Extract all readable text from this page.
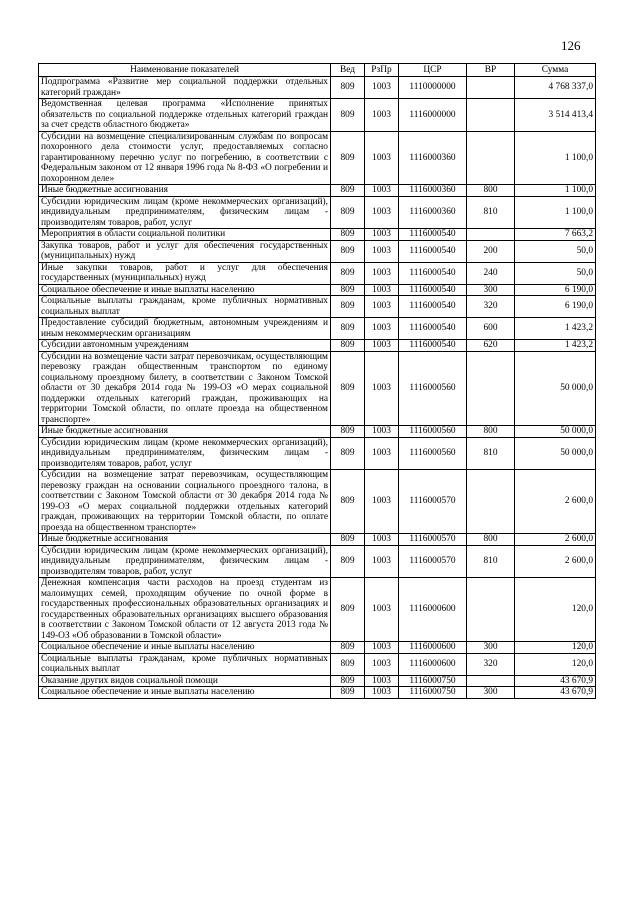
126
Наименование показателей	Вед	РзПр	ЦСР	ВР	Сумма
Подпрограмма «Развитие мер социальной поддержки отдельных категорий граждан»	809	1003	1110000000		4 768 337,0
Ведомственная целевая программа «Исполнение принятых обязательств по социальной поддержке отдельных категорий граждан за счет средств областного бюджета»	809	1003	1116000000		3 514 413,4
Субсидии на возмещение специализированным службам по вопросам похоронного дела стоимости услуг, предоставляемых согласно гарантированному перечню услуг по погребению, в соответствии с Федеральным законом от 12 января 1996 года № 8-ФЗ «О погребении и похоронном деле»	809	1003	1116000360		1 100,0
Иные бюджетные ассигнования	809	1003	1116000360	800	1 100,0
Субсидии юридическим лицам (кроме некоммерческих организаций), индивидуальным предпринимателям, физическим лицам - производителям товаров, работ, услуг	809	1003	1116000360	810	1 100,0
Мероприятия в области социальной политики	809	1003	1116000540		7 663,2
Закупка товаров, работ и услуг для обеспечения государственных (муниципальных) нужд	809	1003	1116000540	200	50,0
Иные закупки товаров, работ и услуг для обеспечения государственных (муниципальных) нужд	809	1003	1116000540	240	50,0
Социальное обеспечение и иные выплаты населению	809	1003	1116000540	300	6 190,0
Социальные выплаты гражданам, кроме публичных нормативных социальных выплат	809	1003	1116000540	320	6 190,0
Предоставление субсидий бюджетным, автономным учреждениям и иным некоммерческим организациям	809	1003	1116000540	600	1 423,2
Субсидии автономным учреждениям	809	1003	1116000540	620	1 423,2
Субсидии на возмещение части затрат перевозчикам, осуществляющим перевозку граждан общественным транспортом по единому социальному проездному билету, в соответствии с Законом Томской области от 30 декабря 2014 года № 199-ОЗ «О мерах социальной поддержки отдельных категорий граждан, проживающих на территории Томской области, по оплате проезда на общественном транспорте»	809	1003	1116000560		50 000,0
Иные бюджетные ассигнования	809	1003	1116000560	800	50 000,0
Субсидии юридическим лицам (кроме некоммерческих организаций), индивидуальным предпринимателям, физическим лицам - производителям товаров, работ, услуг	809	1003	1116000560	810	50 000,0
Субсидии на возмещение затрат перевозчикам, осуществляющим перевозку граждан на основании социального проездного талона, в соответствии с Законом Томской области от 30 декабря 2014 года № 199-ОЗ «О мерах социальной поддержки отдельных категорий граждан, проживающих на территории Томской области, по оплате проезда на общественном транспорте»	809	1003	1116000570		2 600,0
Иные бюджетные ассигнования	809	1003	1116000570	800	2 600,0
Субсидии юридическим лицам (кроме некоммерческих организаций), индивидуальным предпринимателям, физическим лицам - производителям товаров, работ, услуг	809	1003	1116000570	810	2 600,0
Денежная компенсация части расходов на проезд студентам из малоимущих семей, проходящим обучение по очной форме в государственных профессиональных образовательных организациях и государственных образовательных организациях высшего образования в соответствии с Законом Томской области от 12 августа 2013 года № 149-ОЗ «Об образовании в Томской области»	809	1003	1116000600		120,0
Социальное обеспечение и иные выплаты населению	809	1003	1116000600	300	120,0
Социальные выплаты гражданам, кроме публичных нормативных социальных выплат	809	1003	1116000600	320	120,0
Оказание других видов социальной помощи	809	1003	1116000750		43 670,9
Социальное обеспечение и иные выплаты населению	809	1003	1116000750	300	43 670,9
